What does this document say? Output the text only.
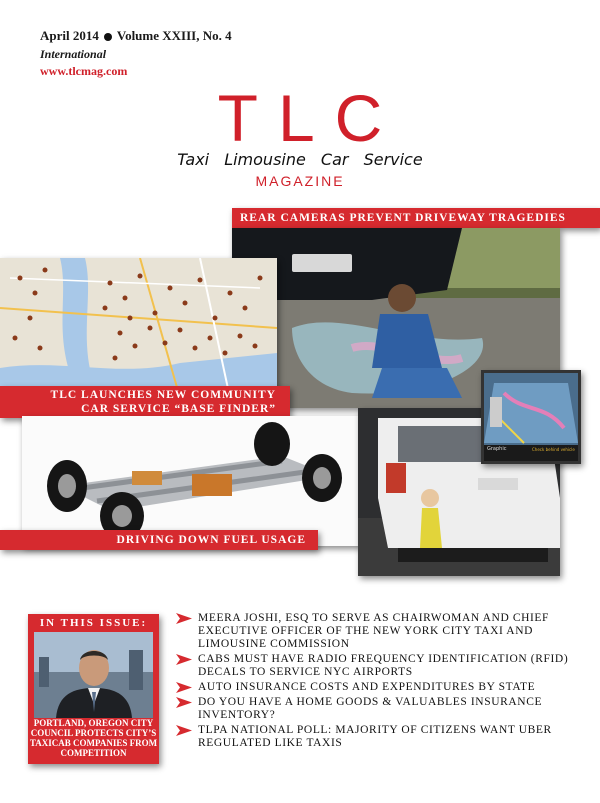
April 2014 Volume XXIII, No. 4
International
www.tlcmag.com
TLC
Taxi Limousine Car Service
MAGAZINE
REAR CAMERAS PREVENT DRIVEWAY TRAGEDIES
TLC LAUNCHES NEW COMMUNITY
CAR SERVICE “BASE FINDER”
DRIVING DOWN FUEL USAGE
Graphic	Check behind vehicle
IN THIS ISSUE:
PORTLAND, OREGON CITY COUNCIL PROTECTS CITY’S TAXICAB COMPANIES FROM COMPETITION
MEERA JOSHI, ESQ TO SERVE AS CHAIRWOMAN AND CHIEF EXECUTIVE OFFICER OF THE NEW YORK CITY TAXI AND LIMOUSINE COMMISSION
CABS MUST HAVE RADIO FREQUENCY IDENTIFICATION (RFID) DECALS TO SERVICE NYC AIRPORTS
AUTO INSURANCE COSTS AND EXPENDITURES BY STATE
DO YOU HAVE A HOME GOODS & VALUABLES INSURANCE INVENTORY?
TLPA NATIONAL POLL: MAJORITY OF CITIZENS WANT UBER REGULATED LIKE TAXIS
